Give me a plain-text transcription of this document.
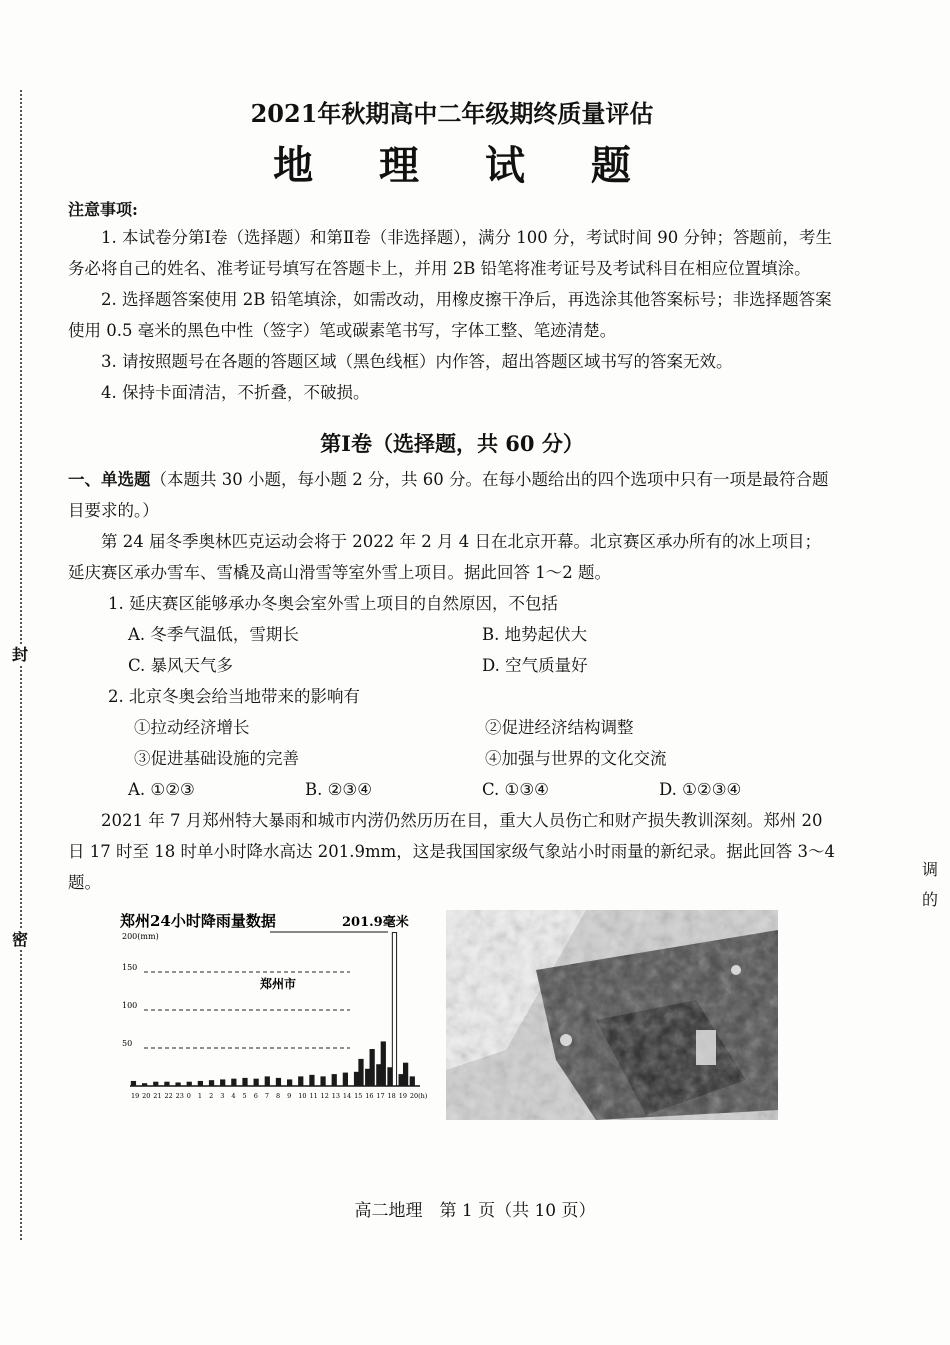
封
密
调
的
2021年秋期高中二年级期终质量评估
地 理 试 题
注意事项:

1. 本试卷分第Ⅰ卷（选择题）和第Ⅱ卷（非选择题），满分 100 分，考试时间 90 分钟；答题前，考生务必将自己的姓名、准考证号填写在答题卡上，并用 2B 铅笔将准考证号及考试科目在相应位置填涂。

2. 选择题答案使用 2B 铅笔填涂，如需改动，用橡皮擦干净后，再选涂其他答案标号；非选择题答案使用 0.5 毫米的黑色中性（签字）笔或碳素笔书写，字体工整、笔迹清楚。

3. 请按照题号在各题的答题区域（黑色线框）内作答，超出答题区域书写的答案无效。

4. 保持卡面清洁，不折叠，不破损。

第Ⅰ卷（选择题，共 60 分）

一、单选题（本题共 30 小题，每小题 2 分，共 60 分。在每小题给出的四个选项中只有一项是最符合题目要求的。）

第 24 届冬季奥林匹克运动会将于 2022 年 2 月 4 日在北京开幕。北京赛区承办所有的冰上项目；延庆赛区承办雪车、雪橇及高山滑雪等室外雪上项目。据此回答 1～2 题。

1. 延庆赛区能够承办冬奥会室外雪上项目的自然原因，不包括
A. 冬季气温低，雪期长	B. 地势起伏大
C. 暴风天气多	D. 空气质量好
2. 北京冬奥会给当地带来的影响有
①拉动经济增长	②促进经济结构调整
③促进基础设施的完善	④加强与世界的文化交流
A. ①②③	B. ②③④	C. ①③④	D. ①②③④

2021 年 7 月郑州特大暴雨和城市内涝仍然历历在目，重大人员伤亡和财产损失教训深刻。郑州 20 日 17 时至 18 时单小时降水高达 201.9mm，这是我国国家级气象站小时雨量的新纪录。据此回答 3～4 题。

郑州24小时降雨量数据	201.9毫米
200(mm)
郑州市
150
100
50
19 20 21 22 23 0 1 2 3 4 5 6 7 8 9 10 11 12 13 14 15 16 17 18 19 20(h)
高二地理　第 1 页（共 10 页）
